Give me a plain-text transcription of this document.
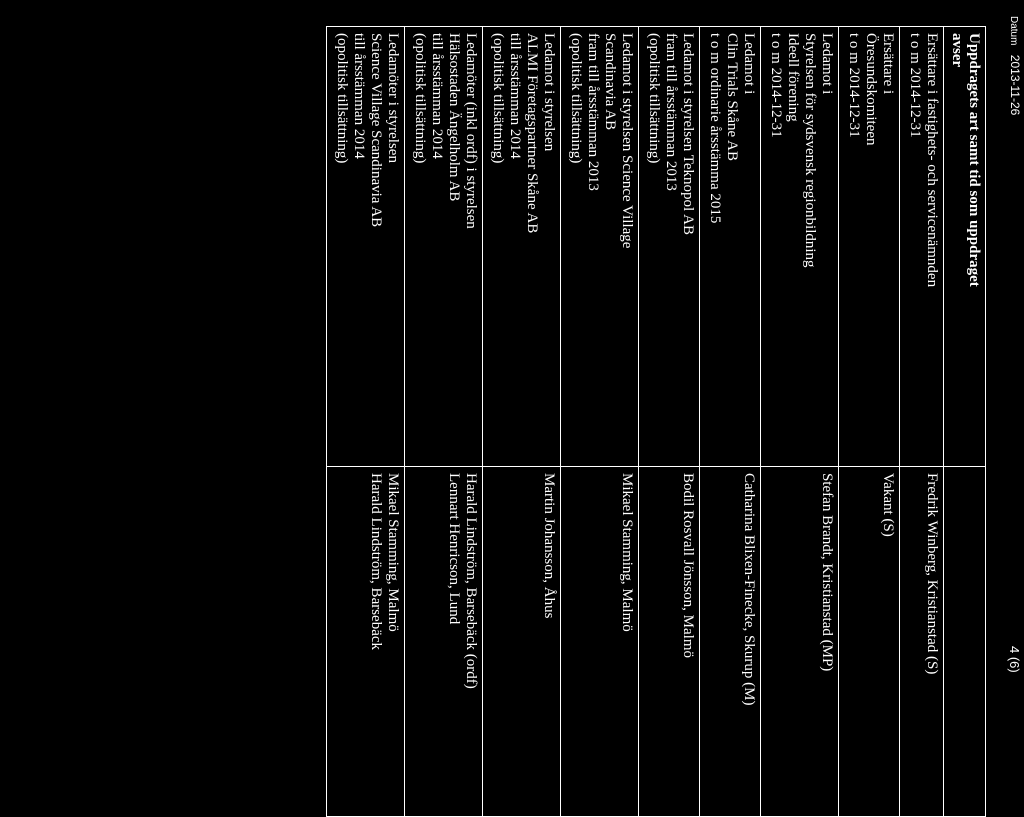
Datum 2013-11-26
4 (6)
Uppdragets art samt tid som uppdraget
avser	

Ersättare i fastighets- och servicenämnden
t o m 2014-12-31	Fredrik Winberg, Kristianstad (S)

Ersättare i
Öresundskomiteen
t o m 2014-12-31	Vakant (S)

Ledamot i
Styrelsen för sydsvensk regionbildning
Ideell förening
t o m 2014-12-31	Stefan Brandt, Kristianstad (MP)

Ledamot i
Clin Trials Skåne AB
t o m ordinarie årsstämma 2015	Catharina Blixen-Finecke, Skurup (M)

Ledamot i styrelsen Teknopol AB
fram till årsstämman 2013
(opolitisk tillsättning)	Bodil Rosvall Jönsson, Malmö

Ledamot i styrelsen Science Village
Scandinavia AB
fram till årsstämman 2013
(opolitisk tillsättning)	Mikael Stamming, Malmö

Ledamot i styrelsen
ALMI Företagspartner Skåne AB
till årsstämman 2014
(opolitisk tillsättning)	Martin Johansson, Åhus

Ledamöter (inkl ordf) i styrelsen
Hälsostaden Ängelholm AB
till årsstämman 2014
(opolitisk tillsättning)	Harald Lindström, Barsebäck (ordf)
Lennart Henricson, Lund

Ledamöter i styrelsen
Science Village Scandinavia AB
till årsstämman 2014
(opolitisk tillsättning)	Mikael Stamming, Malmö
Harald Lindström, Barsebäck
